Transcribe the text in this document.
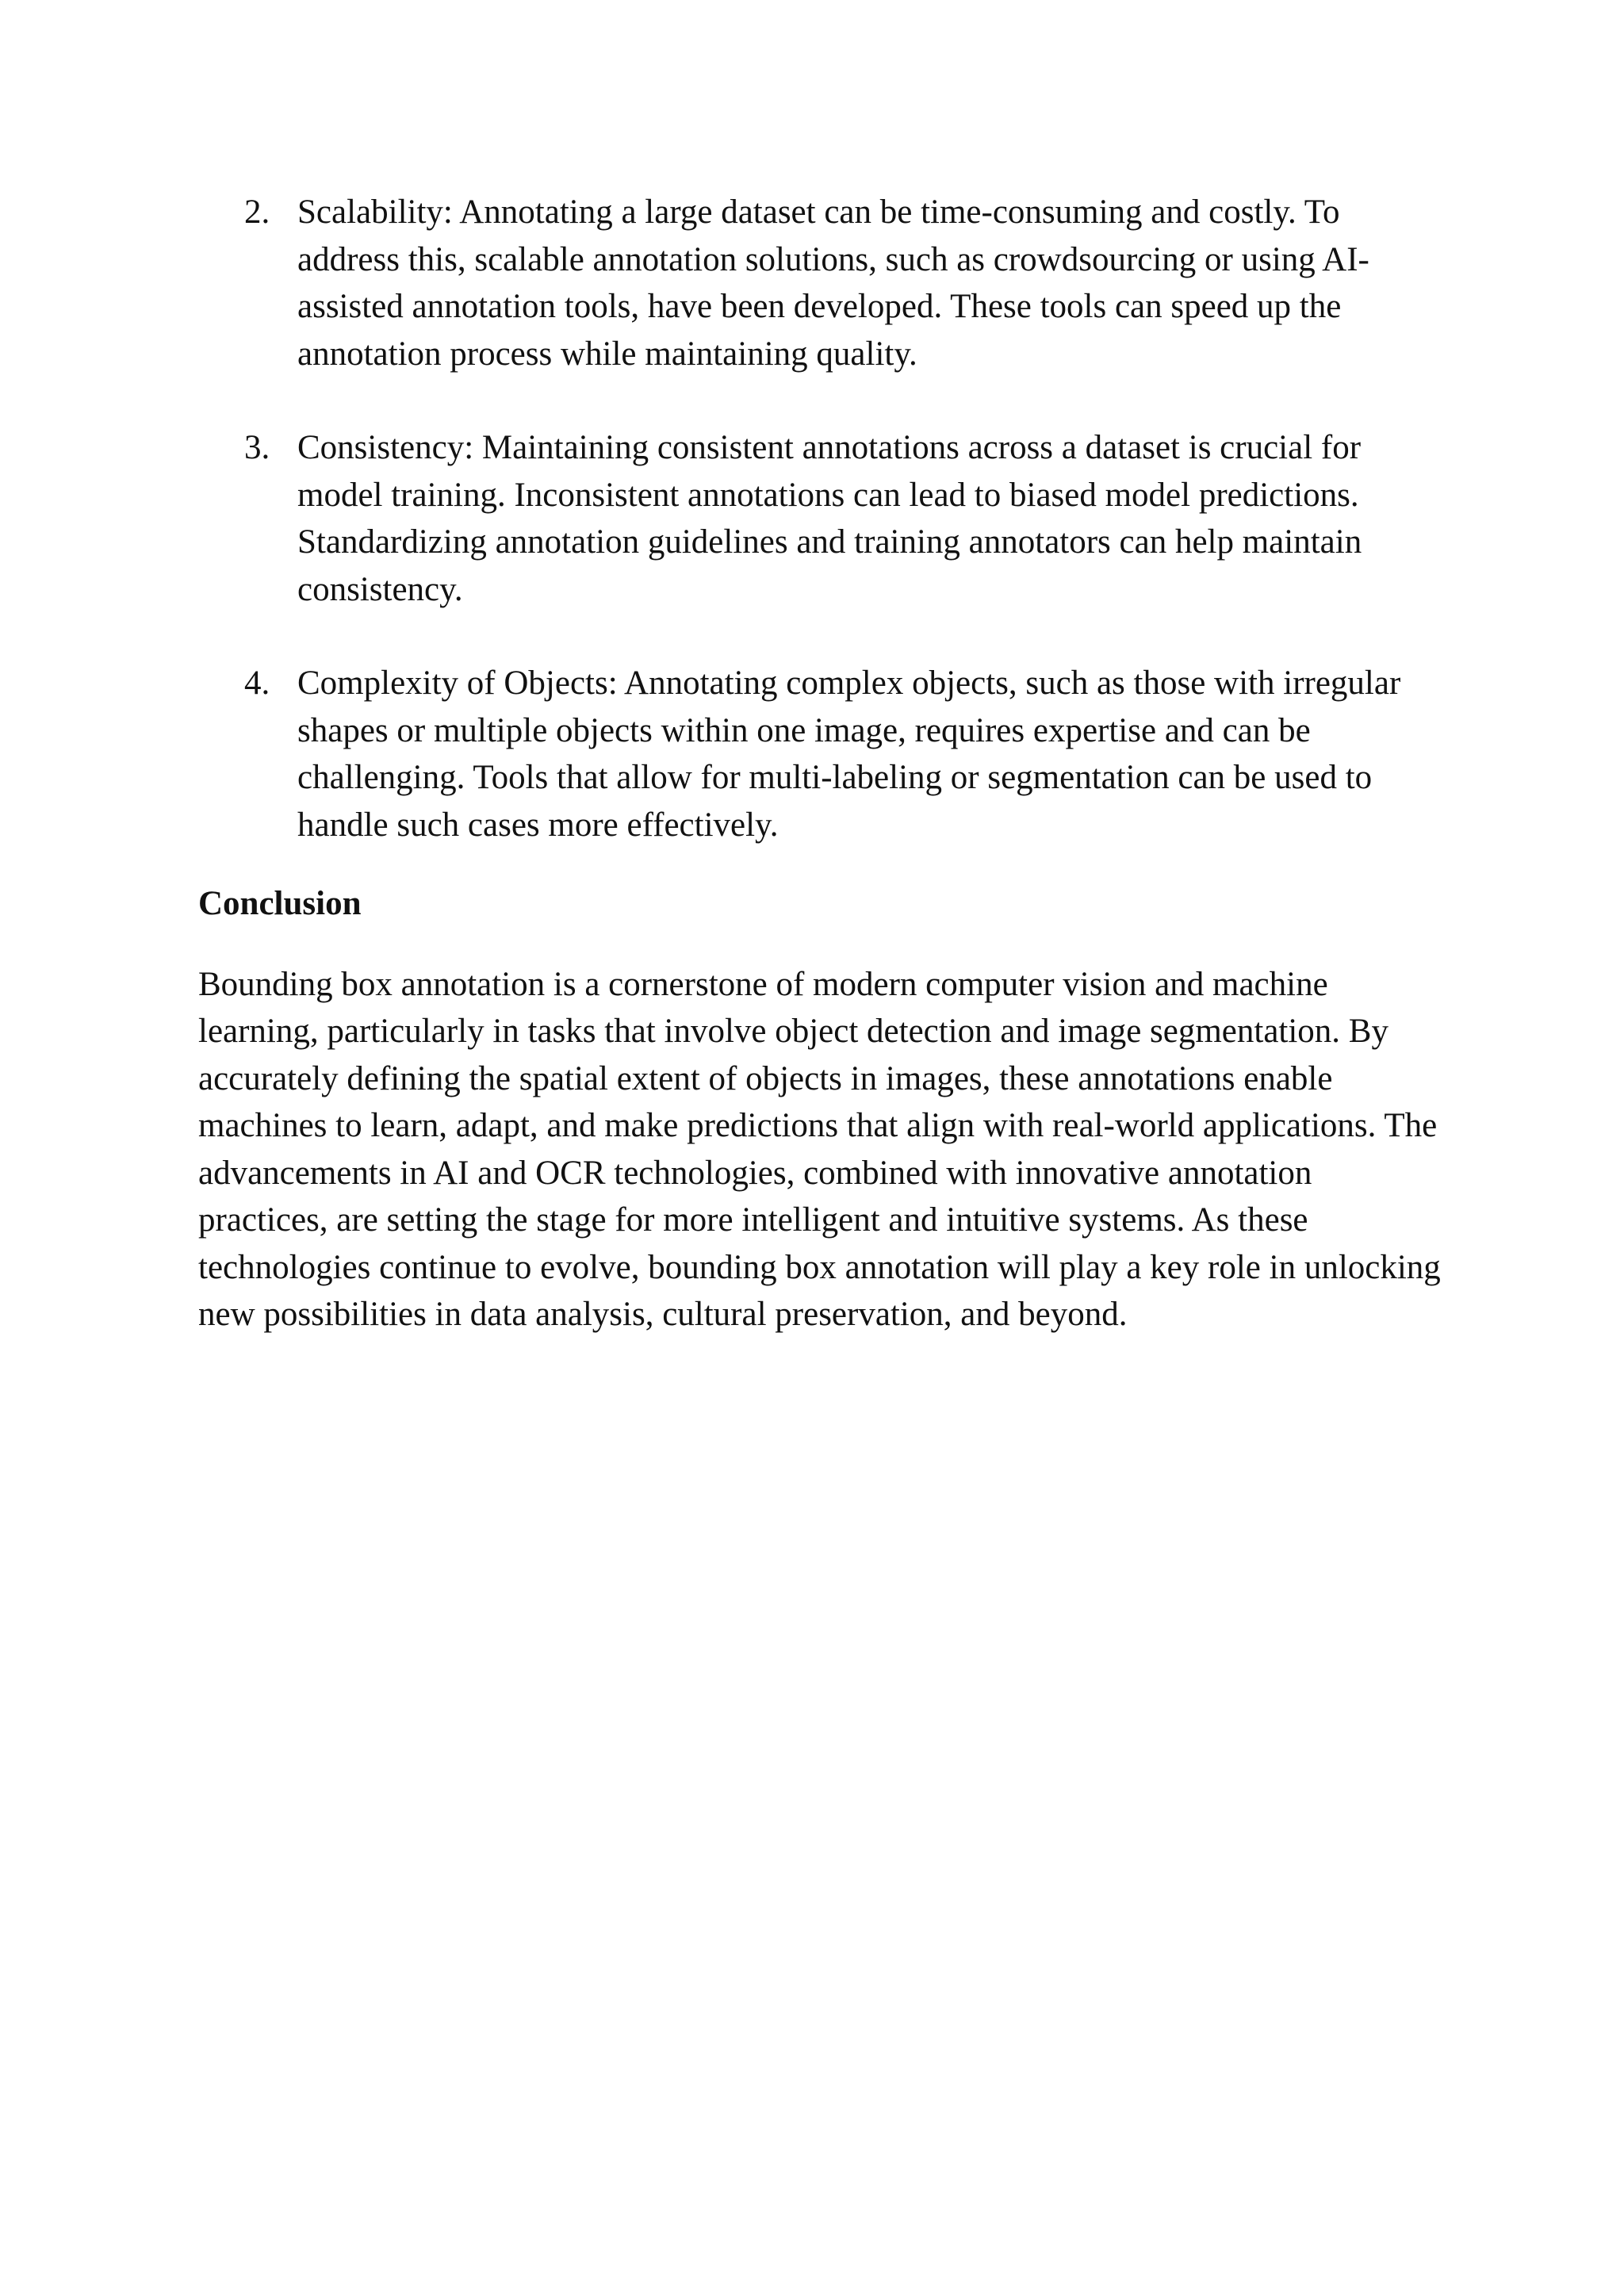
2. Scalability: Annotating a large dataset can be time-consuming and costly. To address this, scalable annotation solutions, such as crowdsourcing or using AI-assisted annotation tools, have been developed. These tools can speed up the annotation process while maintaining quality.
3. Consistency: Maintaining consistent annotations across a dataset is crucial for model training. Inconsistent annotations can lead to biased model predictions. Standardizing annotation guidelines and training annotators can help maintain consistency.
4. Complexity of Objects: Annotating complex objects, such as those with irregular shapes or multiple objects within one image, requires expertise and can be challenging. Tools that allow for multi-labeling or segmentation can be used to handle such cases more effectively.
Conclusion

Bounding box annotation is a cornerstone of modern computer vision and machine learning, particularly in tasks that involve object detection and image segmentation. By accurately defining the spatial extent of objects in images, these annotations enable machines to learn, adapt, and make predictions that align with real-world applications. The advancements in AI and OCR technologies, combined with innovative annotation practices, are setting the stage for more intelligent and intuitive systems. As these technologies continue to evolve, bounding box annotation will play a key role in unlocking new possibilities in data analysis, cultural preservation, and beyond.
